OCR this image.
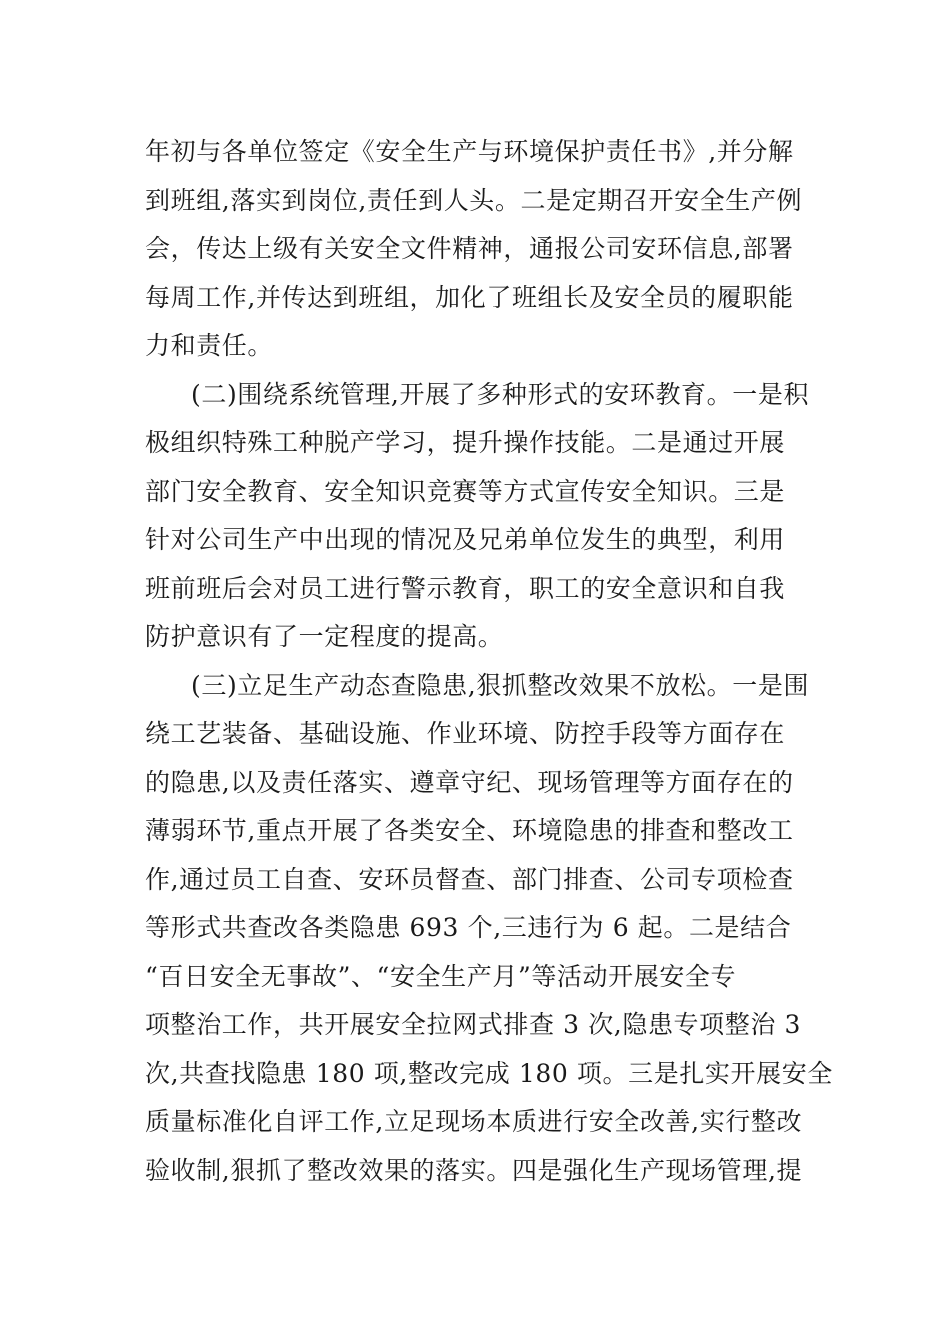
年初与各单位签定《安全生产与环境保护责任书》,并分解
到班组,落实到岗位,责任到人头。二是定期召开安全生产例
会，传达上级有关安全文件精神，通报公司安环信息,部署
每周工作,并传达到班组，加化了班组长及安全员的履职能
力和责任。
(二)围绕系统管理,开展了多种形式的安环教育。一是积
极组织特殊工种脱产学习，提升操作技能。二是通过开展
部门安全教育、安全知识竞赛等方式宣传安全知识。三是
针对公司生产中出现的情况及兄弟单位发生的典型，利用
班前班后会对员工进行警示教育，职工的安全意识和自我
防护意识有了一定程度的提高。
(三)立足生产动态查隐患,狠抓整改效果不放松。一是围
绕工艺装备、基础设施、作业环境、防控手段等方面存在
的隐患,以及责任落实、遵章守纪、现场管理等方面存在的
薄弱环节,重点开展了各类安全、环境隐患的排查和整改工
作,通过员工自查、安环员督查、部门排查、公司专项检查
等形式共查改各类隐患 693 个,三违行为 6 起。二是结合
“百日安全无事故”、“安全生产月”等活动开展安全专
项整治工作，共开展安全拉网式排查 3 次,隐患专项整治 3
次,共查找隐患 180 项,整改完成 180 项。三是扎实开展安全
质量标准化自评工作,立足现场本质进行安全改善,实行整改
验收制,狠抓了整改效果的落实。四是强化生产现场管理,提
